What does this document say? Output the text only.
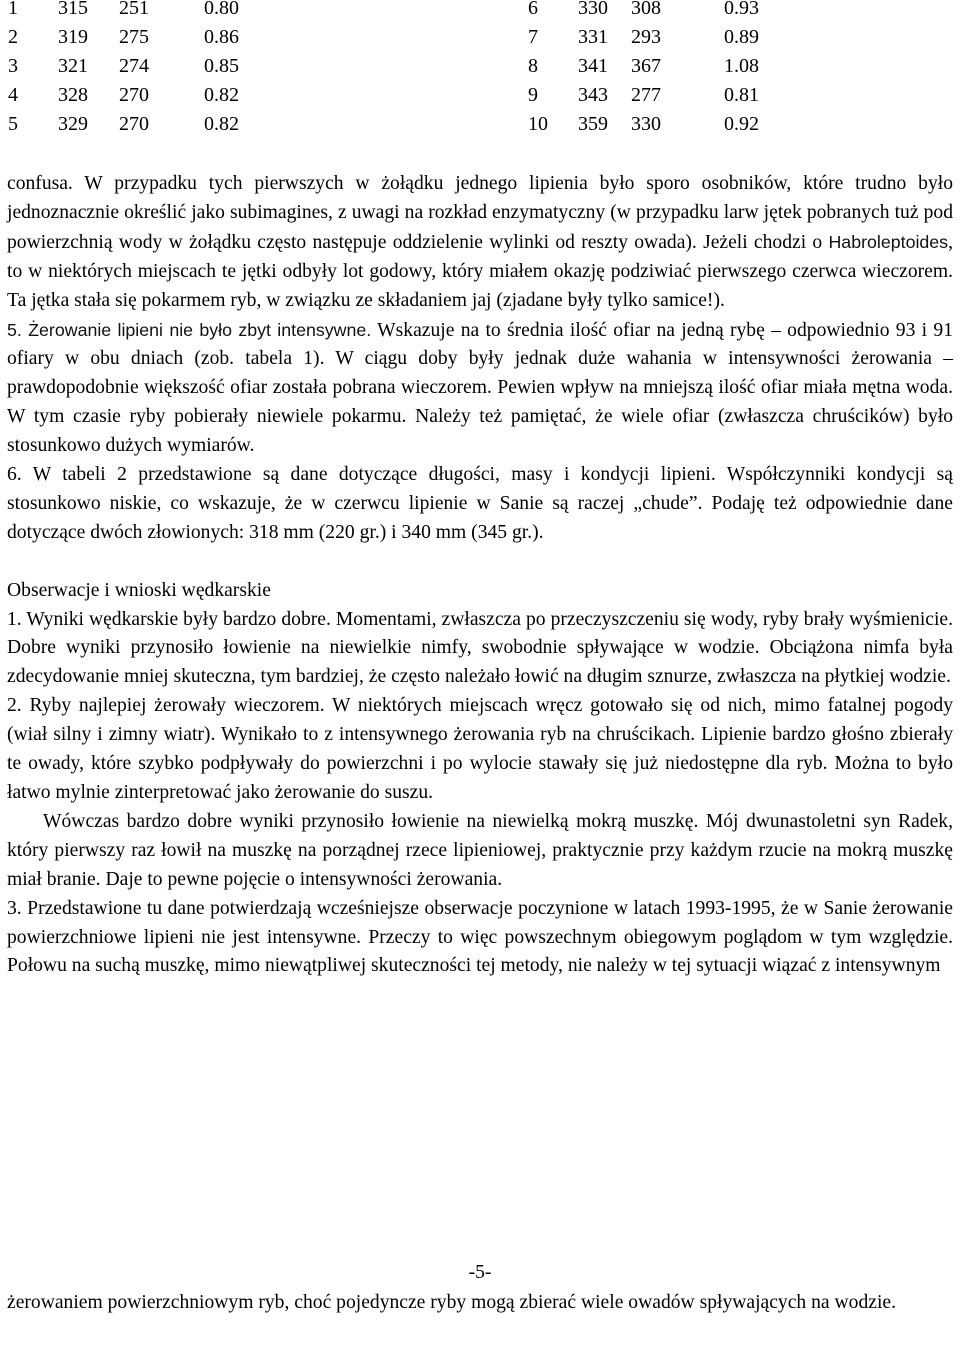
1 315 251	0.80
2 319 275	0.86
3 321 274	0.85
4 328 270	0.82
5 329 270	0.82
6 330 308	0.93
7 331 293	0.89
8 341 367	1.08
9 343 277	0.81
10 359 330	0.92

confusa. W przypadku tych pierwszych w żołądku jednego lipienia było sporo osobników, które trudno było jednoznacznie określić jako subimagines, z uwagi na rozkład enzymatyczny (w przypadku larw jętek pobranych tuż pod powierzchnią wody w żołądku często następuje oddzielenie wylinki od reszty owada). Jeżeli chodzi o Habroleptoides, to w niektórych miejscach te jętki odbyły lot godowy, który miałem okazję podziwiać pierwszego czerwca wieczorem. Ta jętka stała się pokarmem ryb, w związku ze składaniem jaj (zjadane były tylko samice!).

5. Żerowanie lipieni nie było zbyt intensywne. Wskazuje na to średnia ilość ofiar na jedną rybę – odpowiednio 93 i 91 ofiary w obu dniach (zob. tabela 1). W ciągu doby były jednak duże wahania w intensywności żerowania – prawdopodobnie większość ofiar została pobrana wieczorem. Pewien wpływ na mniejszą ilość ofiar miała mętna woda. W tym czasie ryby pobierały niewiele pokarmu. Należy też pamiętać, że wiele ofiar (zwłaszcza chruścików) było stosunkowo dużych wymiarów.

6. W tabeli 2 przedstawione są dane dotyczące długości, masy i kondycji lipieni. Współczynniki kondycji są stosunkowo niskie, co wskazuje, że w czerwcu lipienie w Sanie są raczej „chude”. Podaję też odpowiednie dane dotyczące dwóch złowionych: 318 mm (220 gr.) i 340 mm (345 gr.).

Obserwacje i wnioski wędkarskie

1. Wyniki wędkarskie były bardzo dobre. Momentami, zwłaszcza po przeczyszczeniu się wody, ryby brały wyśmienicie. Dobre wyniki przynosiło łowienie na niewielkie nimfy, swobodnie spływające w wodzie. Obciążona nimfa była zdecydowanie mniej skuteczna, tym bardziej, że często należało łowić na długim sznurze, zwłaszcza na płytkiej wodzie.

2. Ryby najlepiej żerowały wieczorem. W niektórych miejscach wręcz gotowało się od nich, mimo fatalnej pogody (wiał silny i zimny wiatr). Wynikało to z intensywnego żerowania ryb na chruścikach. Lipienie bardzo głośno zbierały te owady, które szybko podpływały do powierzchni i po wylocie stawały się już niedostępne dla ryb. Można to było łatwo mylnie zinterpretować jako żerowanie do suszu.

Wówczas bardzo dobre wyniki przynosiło łowienie na niewielką mokrą muszkę. Mój dwunastoletni syn Radek, który pierwszy raz łowił na muszkę na porządnej rzece lipieniowej, praktycznie przy każdym rzucie na mokrą muszkę miał branie. Daje to pewne pojęcie o intensywności żerowania.

3. Przedstawione tu dane potwierdzają wcześniejsze obserwacje poczynione w latach 1993-1995, że w Sanie żerowanie powierzchniowe lipieni nie jest intensywne. Przeczy to więc powszechnym obiegowym poglądom w tym względzie. Połowu na suchą muszkę, mimo niewątpliwej skuteczności tej metody, nie należy w tej sytuacji wiązać z intensywnym

-5-

żerowaniem powierzchniowym ryb, choć pojedyncze ryby mogą zbierać wiele owadów spływających na wodzie.
